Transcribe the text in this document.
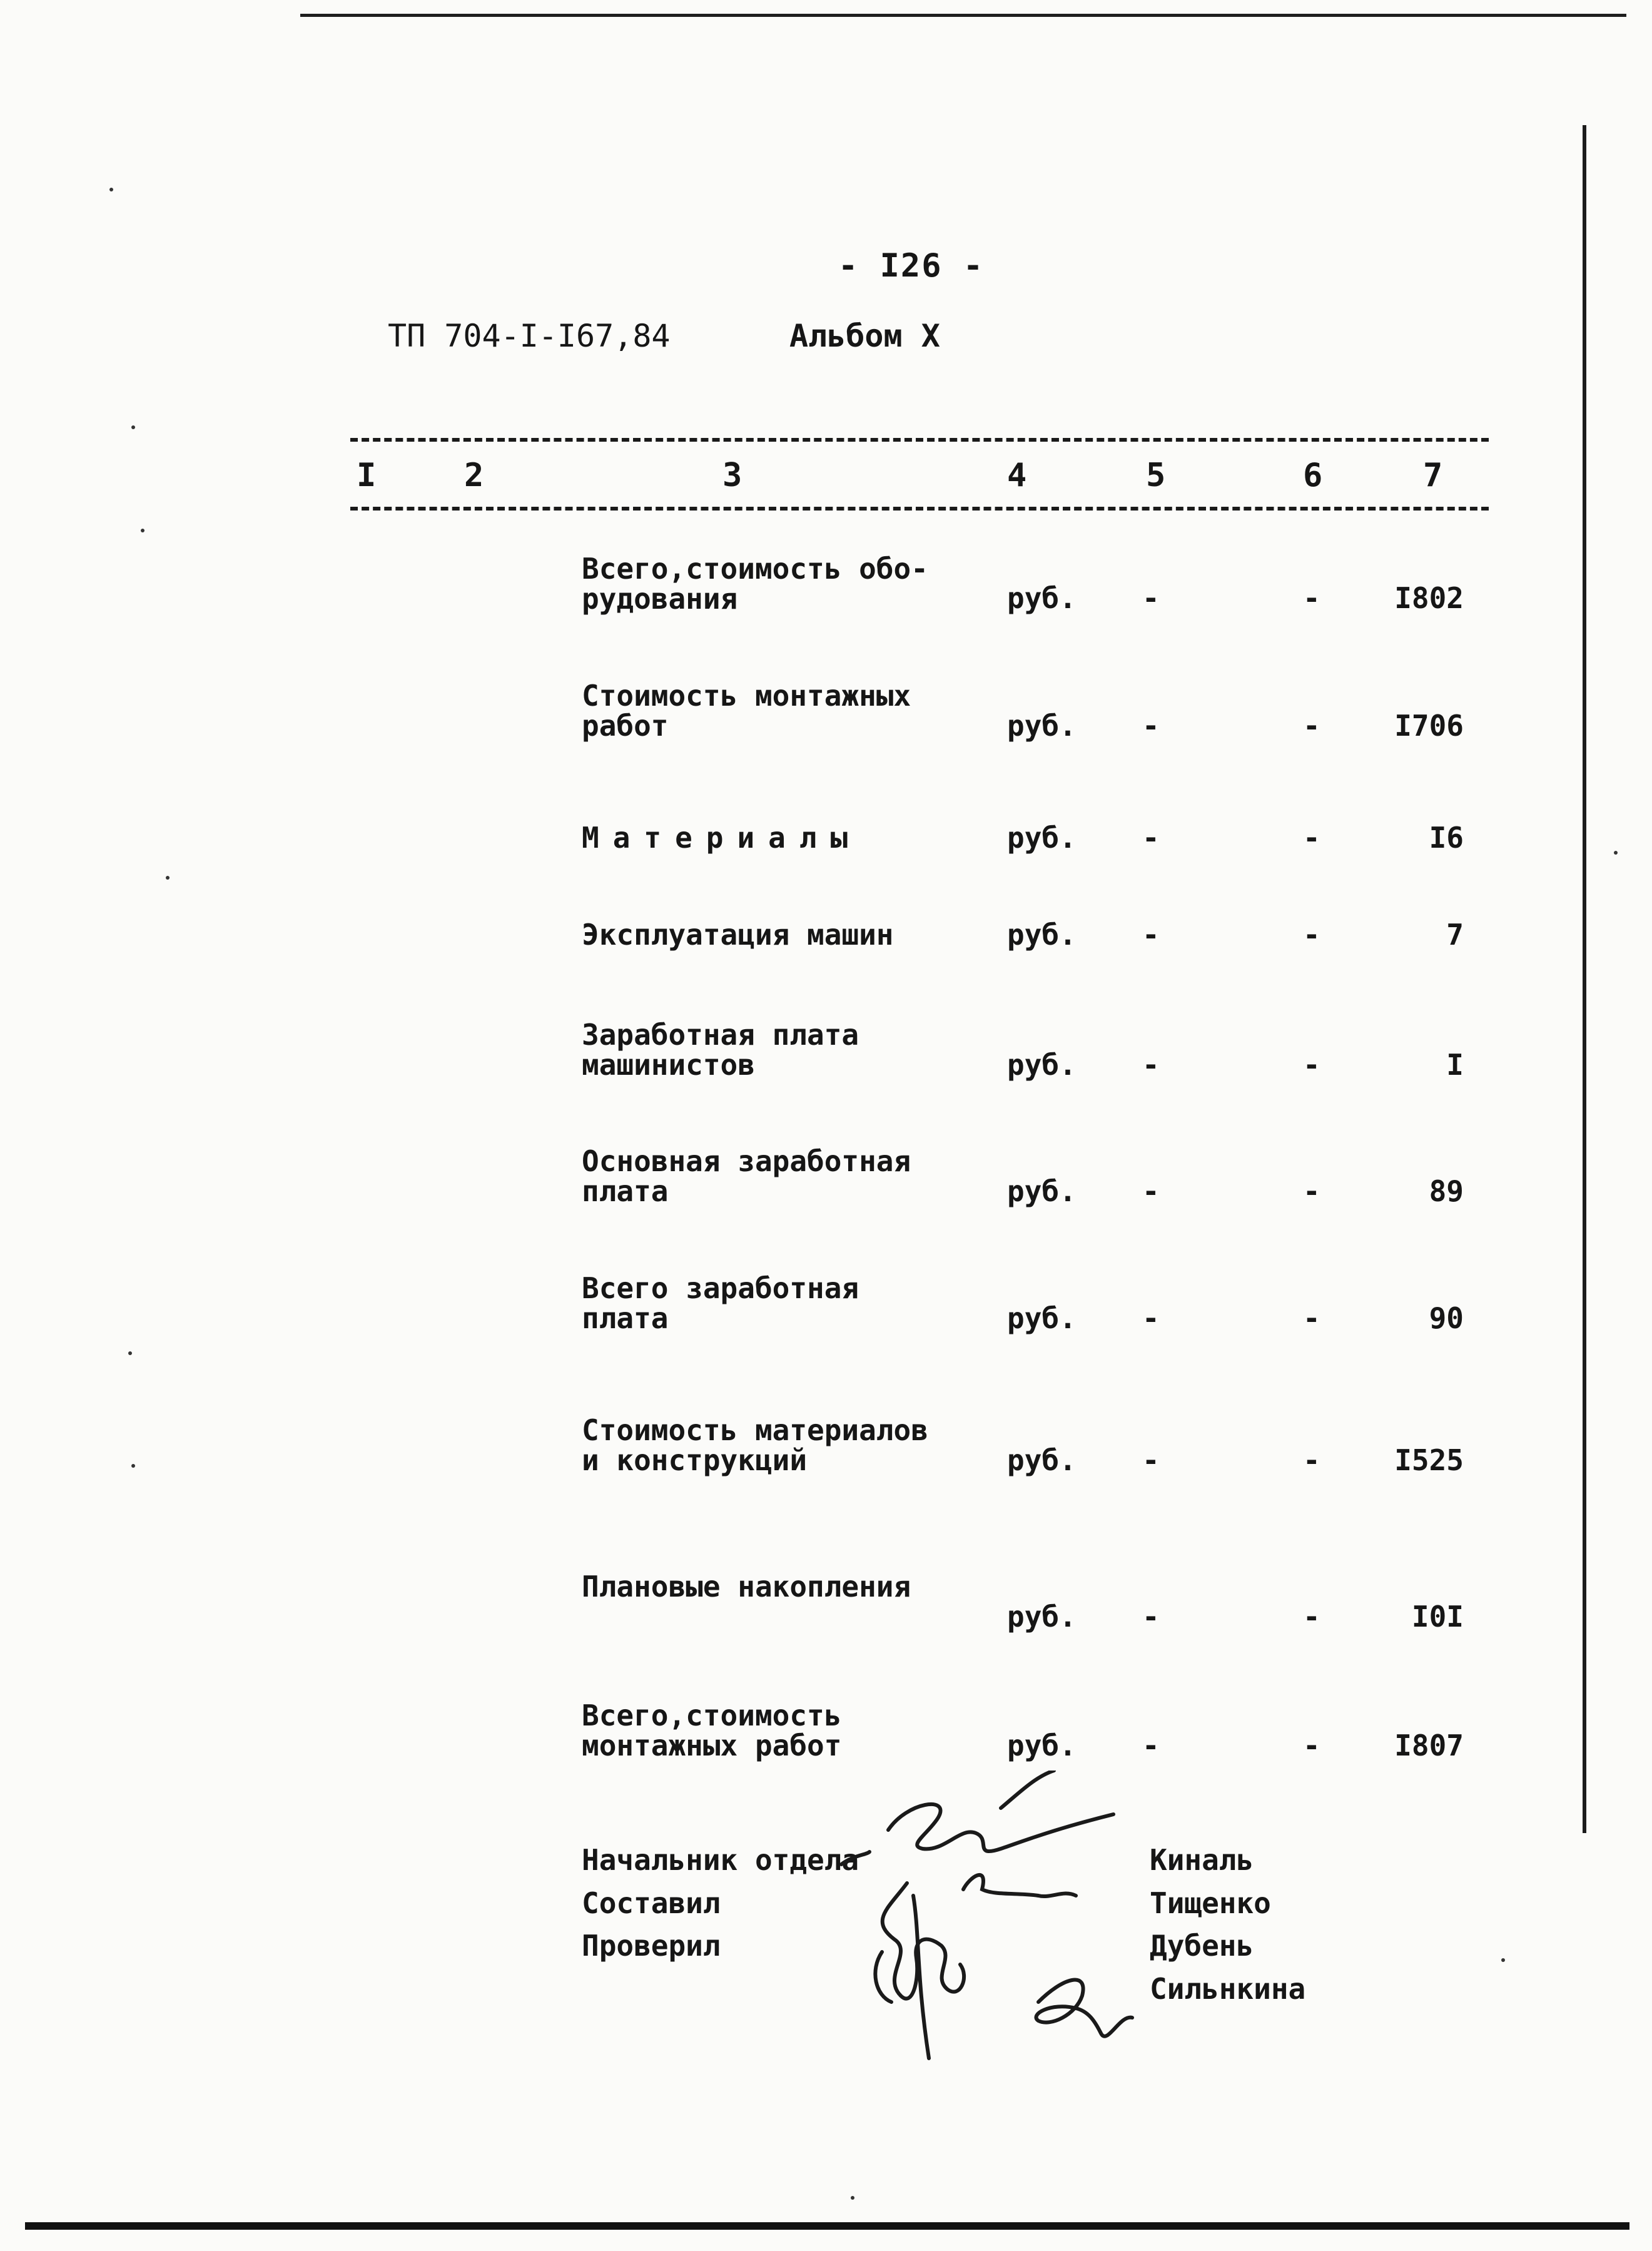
- I26 -
ТП 704-I-I67,84	Альбом X
I	2	3	4	5	6	7
Всего,стоимость обо-
рудования	руб.	-	-	I802
Стоимость монтажных
работ	руб.	-	-	I706
Материалы	руб.	-	-	I6
Эксплуатация машин	руб.	-	-	7
Заработная плата
машинистов	руб.	-	-	I
Основная заработная
плата	руб.	-	-	89
Всего заработная
плата	руб.	-	-	90
Стоимость материалов
и конструкций	руб.	-	-	I525
Плановые накопления
руб.	-	-	I0I
Всего,стоимость
монтажных работ	руб.	-	-	I807
Начальник отдела
Составил
Проверил
Киналь
Тищенко
Дубень
Сильнкина
